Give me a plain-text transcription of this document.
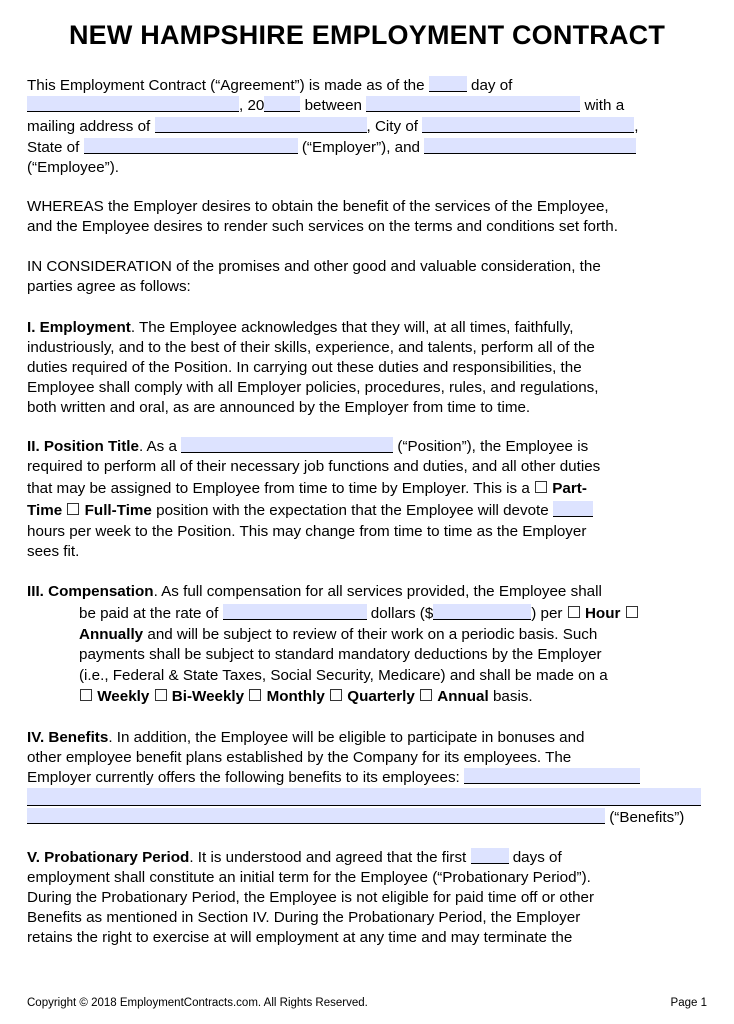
NEW HAMPSHIRE EMPLOYMENT CONTRACT
This Employment Contract (“Agreement”) is made as of the	day of
, 20	between	with a
mailing address of	, City of	,
State of	(“Employer”), and
(“Employee”).
WHEREAS the Employer desires to obtain the benefit of the services of the Employee,
and the Employee desires to render such services on the terms and conditions set forth.
IN CONSIDERATION of the promises and other good and valuable consideration, the
parties agree as follows:
I. Employment. The Employee acknowledges that they will, at all times, faithfully,
industriously, and to the best of their skills, experience, and talents, perform all of the
duties required of the Position. In carrying out these duties and responsibilities, the
Employee shall comply with all Employer policies, procedures, rules, and regulations,
both written and oral, as are announced by the Employer from time to time.
II. Position Title. As a	(“Position”), the Employee is
required to perform all of their necessary job functions and duties, and all other duties
that may be assigned to Employee from time to time by Employer. This is a Part-
Time Full-Time position with the expectation that the Employee will devote
hours per week to the Position. This may change from time to time as the Employer
sees fit.
III. Compensation. As full compensation for all services provided, the Employee shall
be paid at the rate of	dollars ($	) per Hour
Annually and will be subject to review of their work on a periodic basis. Such
payments shall be subject to standard mandatory deductions by the Employer
(i.e., Federal & State Taxes, Social Security, Medicare) and shall be made on a
Weekly Bi-Weekly Monthly Quarterly Annual basis.
IV. Benefits. In addition, the Employee will be eligible to participate in bonuses and
other employee benefit plans established by the Company for its employees. The
Employer currently offers the following benefits to its employees:
(“Benefits”)
V. Probationary Period. It is understood and agreed that the first	days of
employment shall constitute an initial term for the Employee (“Probationary Period”).
During the Probationary Period, the Employee is not eligible for paid time off or other
Benefits as mentioned in Section IV. During the Probationary Period, the Employer
retains the right to exercise at will employment at any time and may terminate the
Copyright © 2018 EmploymentContracts.com. All Rights Reserved.	Page 1
